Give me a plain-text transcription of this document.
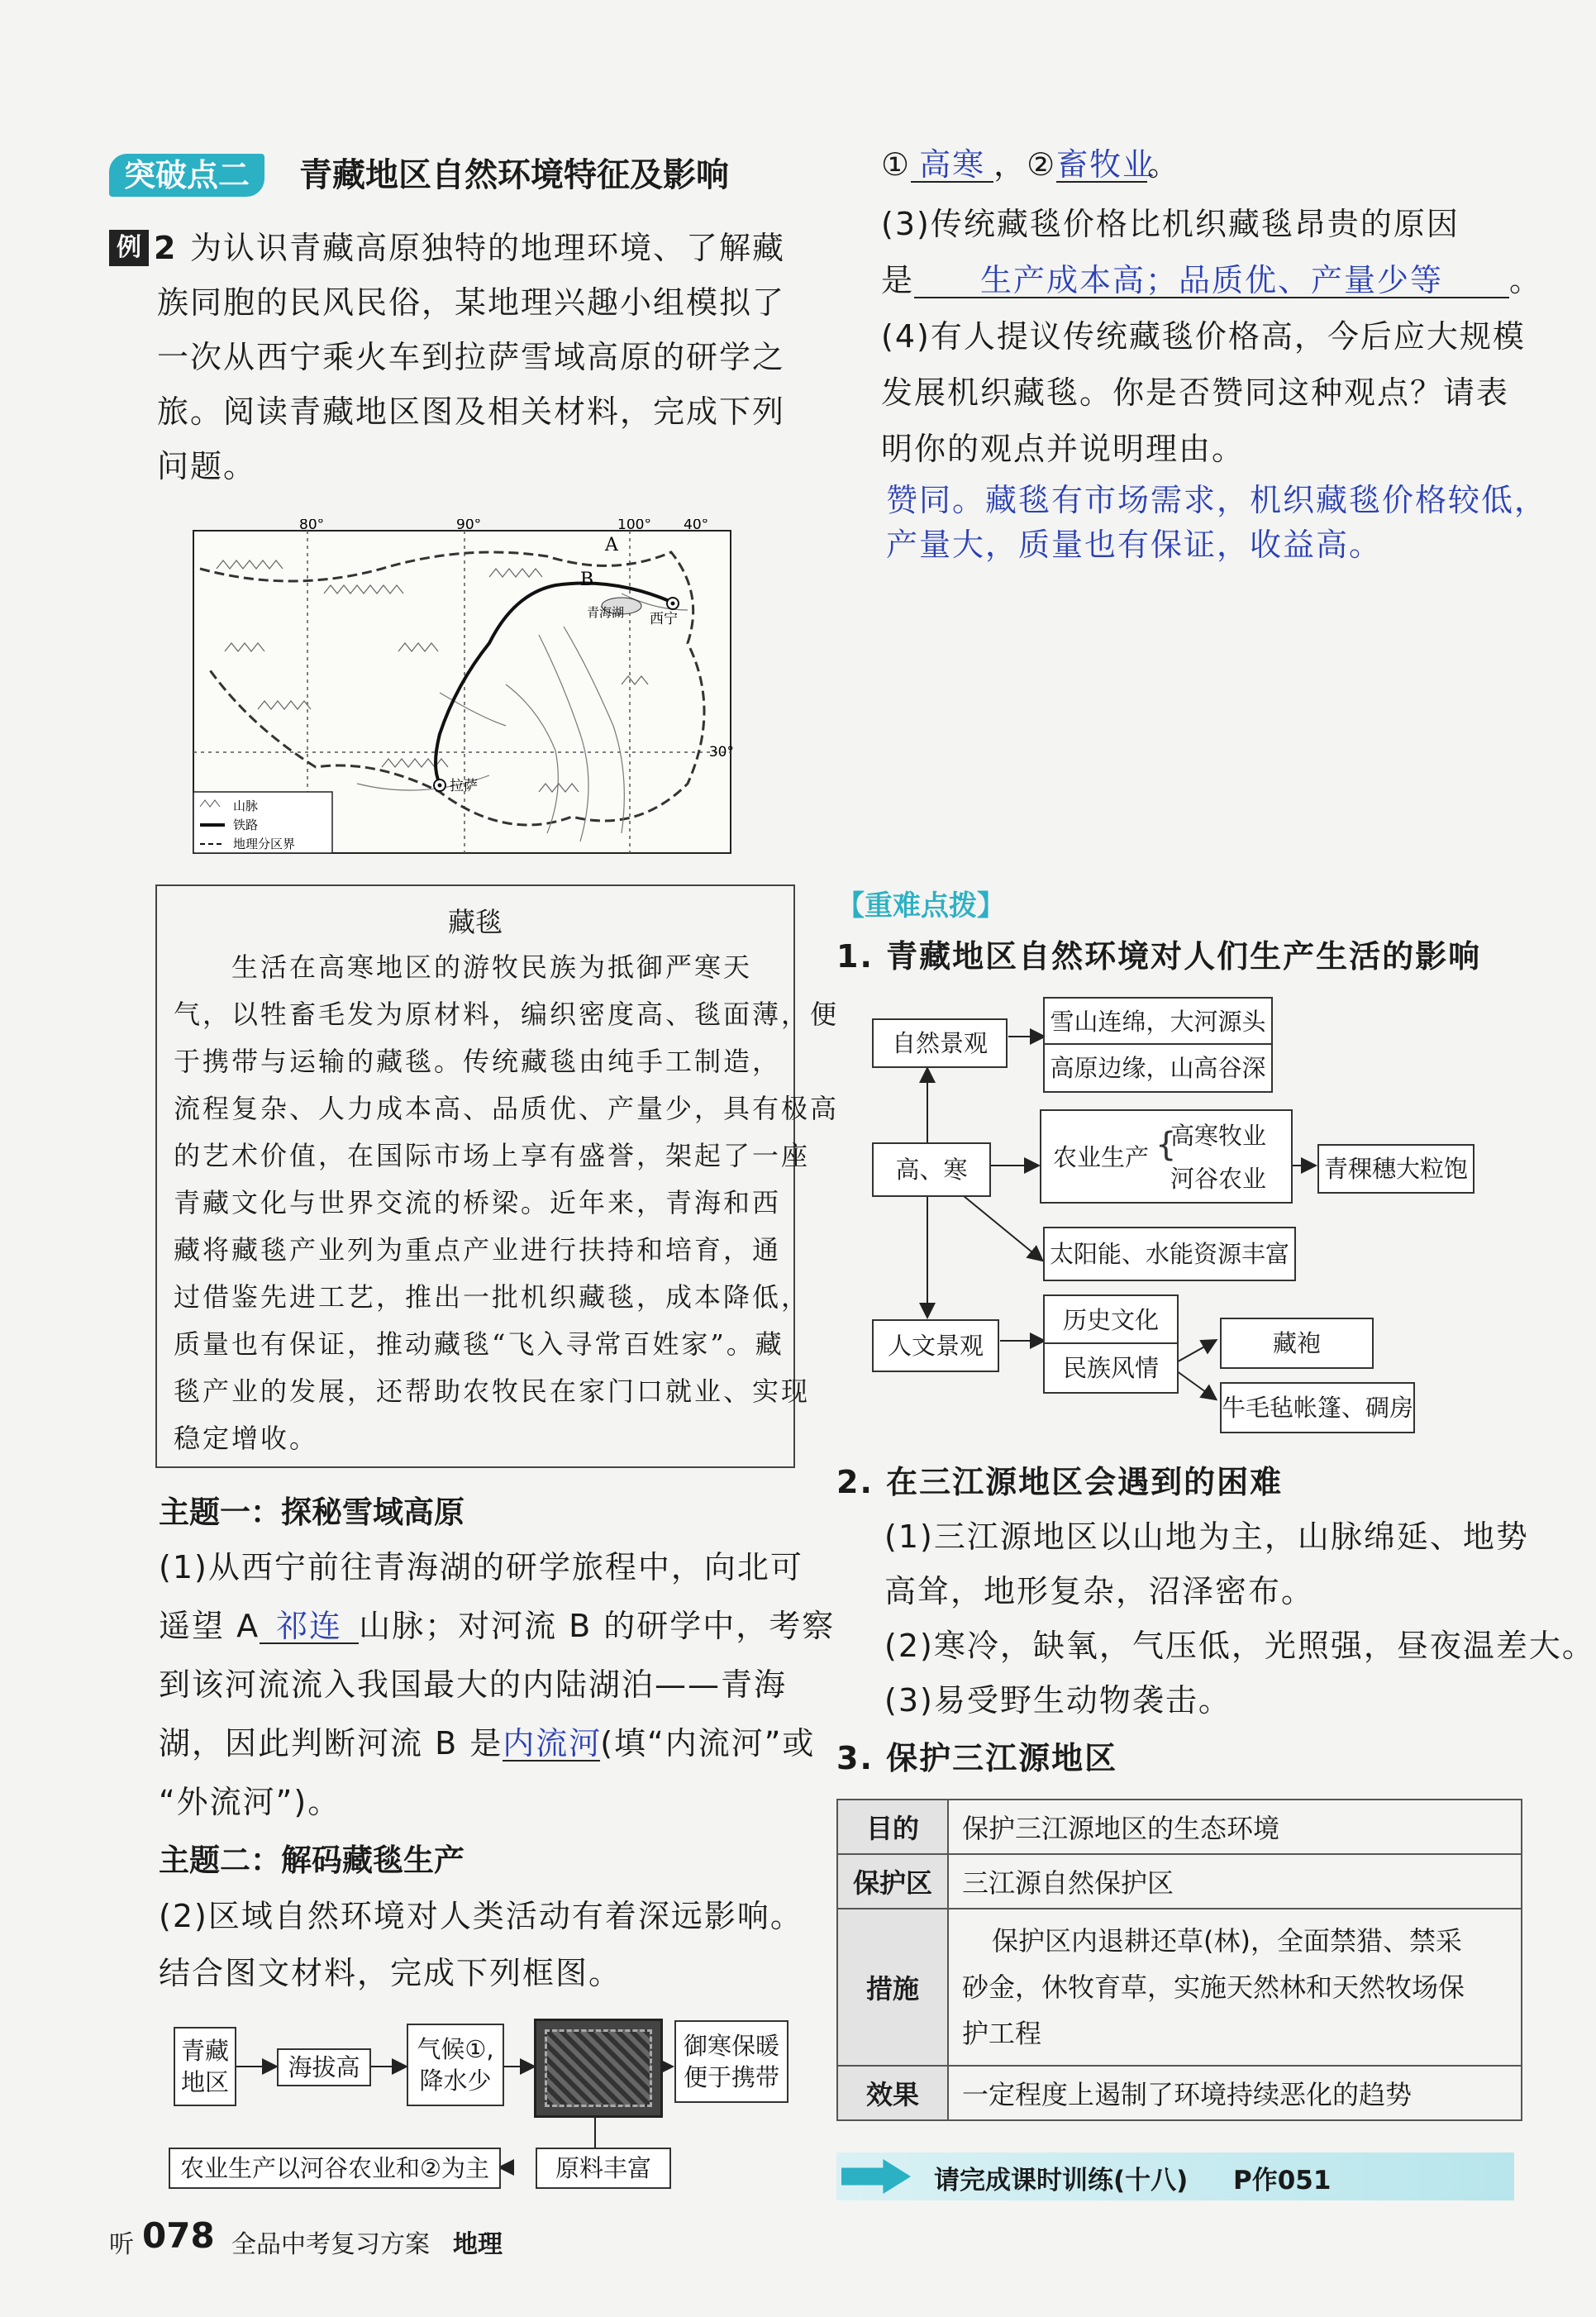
突破点二	青藏地区自然环境特征及影响
例 2 为认识青藏高原独特的地理环境、了解藏
族同胞的民风民俗，某地理兴趣小组模拟了
一次从西宁乘火车到拉萨雪域高原的研学之
旅。阅读青藏地区图及相关材料，完成下列
问题。
80°	90°	100° 40°
30°
A
B
青海湖 西宁
拉萨
山脉
铁路
地理分区界
藏毯
生活在高寒地区的游牧民族为抵御严寒天
气，以牲畜毛发为原材料，编织密度高、毯面薄，便
于携带与运输的藏毯。传统藏毯由纯手工制造，
流程复杂、人力成本高、品质优、产量少，具有极高
的艺术价值，在国际市场上享有盛誉，架起了一座
青藏文化与世界交流的桥梁。近年来，青海和西
藏将藏毯产业列为重点产业进行扶持和培育，通
过借鉴先进工艺，推出一批机织藏毯，成本降低，
质量也有保证，推动藏毯“飞入寻常百姓家”。藏
毯产业的发展，还帮助农牧民在家门口就业、实现
稳定增收。
主题一：探秘雪域高原
(1)从西宁前往青海湖的研学旅程中，向北可
遥望 A 祁连 山脉；对河流 B 的研学中，考察
到该河流流入我国最大的内陆湖泊——青海
湖，因此判断河流 B 是内流河(填“内流河”或
“外流河”)。
主题二：解码藏毯生产
(2)区域自然环境对人类活动有着深远影响。
结合图文材料，完成下列框图。
青藏
地区
海拔高
气候①,
降水少
御寒保暖
便于携带
农业生产以河谷农业和②为主	原料丰富
① 高寒 ，②畜牧业。
(3)传统藏毯价格比机织藏毯昂贵的原因
是 生产成本高；品质优、产量少等 。
(4)有人提议传统藏毯价格高，今后应大规模
发展机织藏毯。你是否赞同这种观点？请表
明你的观点并说明理由。
赞同。藏毯有市场需求，机织藏毯价格较低，
产量大，质量也有保证，收益高。
【重难点拨】
1. 青藏地区自然环境对人们生产生活的影响
自然景观
雪山连绵，大河源头
高原边缘，山高谷深
高、寒	农业生产 {
高寒牧业
河谷农业 青稞穗大粒饱
太阳能、水能资源丰富
人文景观
历史文化
民族风情
藏袍
牛毛毡帐篷、碉房
2. 在三江源地区会遇到的困难
(1)三江源地区以山地为主，山脉绵延、地势
高耸，地形复杂，沼泽密布。
(2)寒冷，缺氧，气压低，光照强，昼夜温差大。
(3)易受野生动物袭击。
3. 保护三江源地区
目的	保护三江源地区的生态环境
保护区	三江源自然保护区
措施	保护区内退耕还草(林)，全面禁猎、禁采
砂金，休牧育草，实施天然林和天然牧场保
护工程

效果	一定程度上遏制了环境持续恶化的趋势
请完成课时训练(十八) P作051
听 078 全品中考复习方案 地理
